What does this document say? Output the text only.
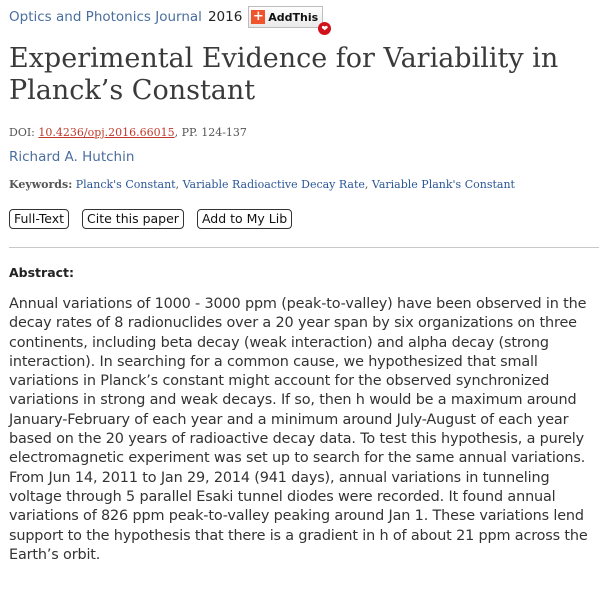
Optics and Photonics Journal 2016 + AddThis
❤
Experimental Evidence for Variability in Planck’s Constant
DOI: 10.4236/opj.2016.66015, PP. 124-137
Richard A. Hutchin
Keywords: Planck's Constant, Variable Radioactive Decay Rate, Variable Plank's Constant
Full-Text	Cite this paper	Add to My Lib
Abstract:

Annual variations of 1000 - 3000 ppm (peak-to-valley) have been observed in the decay rates of 8 radionuclides over a 20 year span by six organizations on three continents, including beta decay (weak interaction) and alpha decay (strong interaction). In searching for a common cause, we hypothesized that small variations in Planck’s constant might account for the observed synchronized variations in strong and weak decays. If so, then h would be a maximum around January-February of each year and a minimum around July-August of each year based on the 20 years of radioactive decay data. To test this hypothesis, a purely electromagnetic experiment was set up to search for the same annual variations. From Jun 14, 2011 to Jan 29, 2014 (941 days), annual variations in tunneling voltage through 5 parallel Esaki tunnel diodes were recorded. It found annual variations of 826 ppm peak-to-valley peaking around Jan 1. These variations lend support to the hypothesis that there is a gradient in h of about 21 ppm across the Earth’s orbit.
